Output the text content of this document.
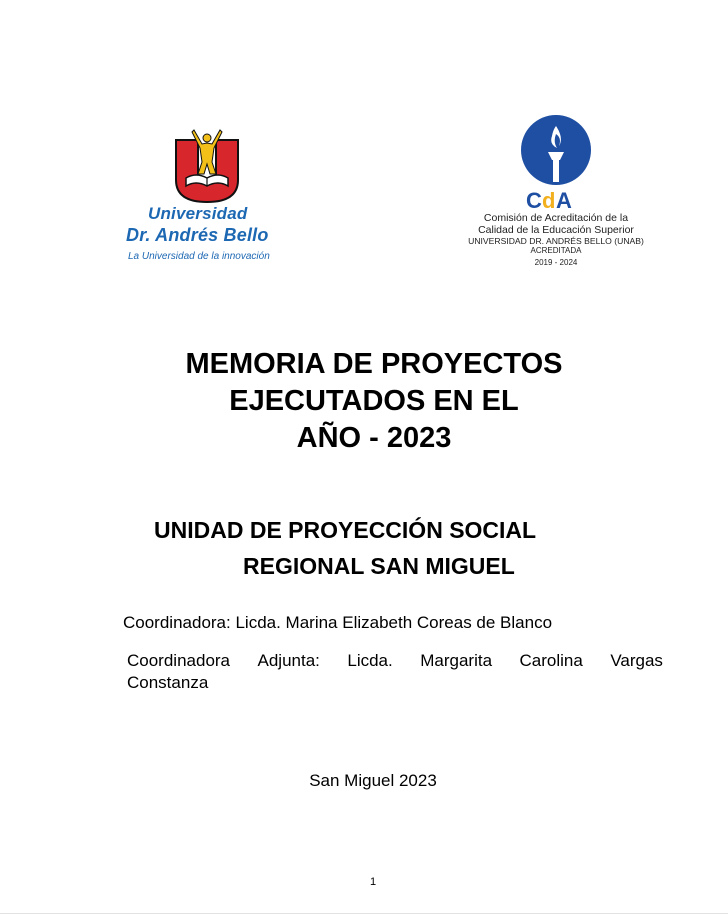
Universidad
Dr. Andrés Bello
La Universidad de la innovación
C d A
Comisión de Acreditación de la
Calidad de la Educación Superior
UNIVERSIDAD DR. ANDRÉS BELLO (UNAB)
ACREDITADA
2019 - 2024
MEMORIA DE PROYECTOS
EJECUTADOS EN EL
AÑO - 2023
UNIDAD DE PROYECCIÓN SOCIAL
REGIONAL SAN MIGUEL
Coordinadora: Licda. Marina Elizabeth Coreas de Blanco
Coordinadora Adjunta: Licda. Margarita Carolina Vargas
Constanza
San Miguel 2023
1
